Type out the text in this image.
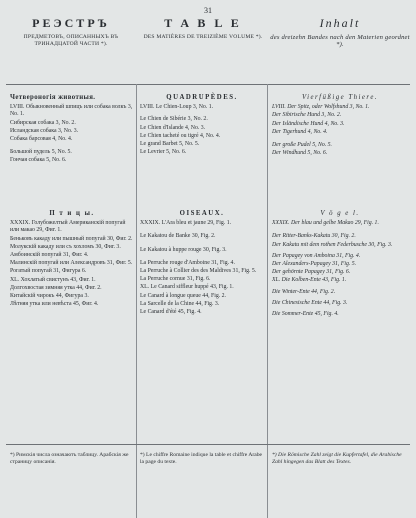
31
РЕЭСТРЪ
ПРЕДМЕТОВЪ, ОПИСАННЫХЪ ВЪ ТРИНАДЦАТОЙ ЧАСТИ *).
T A B L E
DES MATIÈRES DE TREIZIÈME VOLUME *).
Inhalt
des dreizehn Bandes nach den Materien geordnet *).
Четвероногiя животныя.
LVIII. Обыкновенный шпицъ или собака волкъ 3, No. 1.
Сибирская собака 3, No. 2.
Исландская собака 3, No. 3.
Собака барсовая 4, No. 4.
Большой пудель 5, No. 5.
Гончая собака 5, No. 6.
П т и ц ы.
XXXIX. Голубожелтый Американскiй попугай или макао 29, Фиг. 1.
Беньковъ какаду или пышный попугай 30, Фиг. 2.
Молукскiй какаду или съ хохломъ 30, Фиг. 3.
Амбоинскiй попугай 31, Фиг. 4.
Малинскiй попугай или Александровъ 31, Фиг. 5.
Рогатый попугай 31, Фигура 6.
XL. Хохлатый свистунъ 43, Фиг. 1.
Долгохвостая зимняя утка 44, Фиг. 2.
Китайскiй чирокъ 44, Фигура 3.
Лѣтняя утка или невѣста 45, Фиг. 4.
QUADRUPÈDES.
LVIII. Le Chien-Loup 3, No. 1.
Le Chien de Sibérie 3, No. 2.
Le Chien d'Islande 4, No. 3.
Le Chien tacheté ou tigré 4, No. 4.
Le grand Barbet 5, No. 5.
Le Levrier 5, No. 6.
OISEAUX.
XXXIX. L'Ara bleu et jaune 29, Fig. 1.
Le Kakatou de Banke 30, Fig. 2.
Le Kakatou à huppe rouge 30, Fig. 3.
La Perruche rouge d'Amboine 31, Fig. 4.
La Perruche à Collier des des Maldives 31, Fig. 5.
La Perruche cornue 31, Fig. 6.
XL. Le Canard siffleur huppé 43, Fig. 1.
Le Canard à longue queue 44, Fig. 2.
La Sarcelle de la Chine 44, Fig. 3.
Le Canard d'été 45, Fig. 4.
Vierfüßige Thiere.
LVIII. Der Spitz, oder Wolfshund 3, No. 1.
Der Sibirische Hund 3, No. 2.
Der Isländische Hund 4, No. 3.
Der Tigerhund 4, No. 4.
Der große Pudel 5, No. 5.
Der Windhund 5, No. 6.
V ö g e l.
XXXIX. Der blau und gelbe Makao 29, Fig. 1.
Der Ritter-Banks-Kakatu 30, Fig. 2.
Der Kakatu mit dem rothen Federbusche 30, Fig. 3.
Der Papagey von Amboina 31, Fig. 4.
Der Alexanders-Papagey 31, Fig. 5.
Der gehörnte Papagey 31, Fig. 6.
XL. Die Kolben-Ente 43, Fig. 1.
Die Winter-Ente 44, Fig. 2.
Die Chinesische Ente 44, Fig. 3.
Die Sommer-Ente 45, Fig. 4.
*) Римскiя числа означаютъ таблицу. Арабскiя же страницу описанiя.
*) Le chiffre Romaine indique la table et chiffre Arabe la page du texte.
*) Die Römische Zahl zeigt die Kupfertafel, die Arabische Zahl hingegen das Blatt des Textes.
